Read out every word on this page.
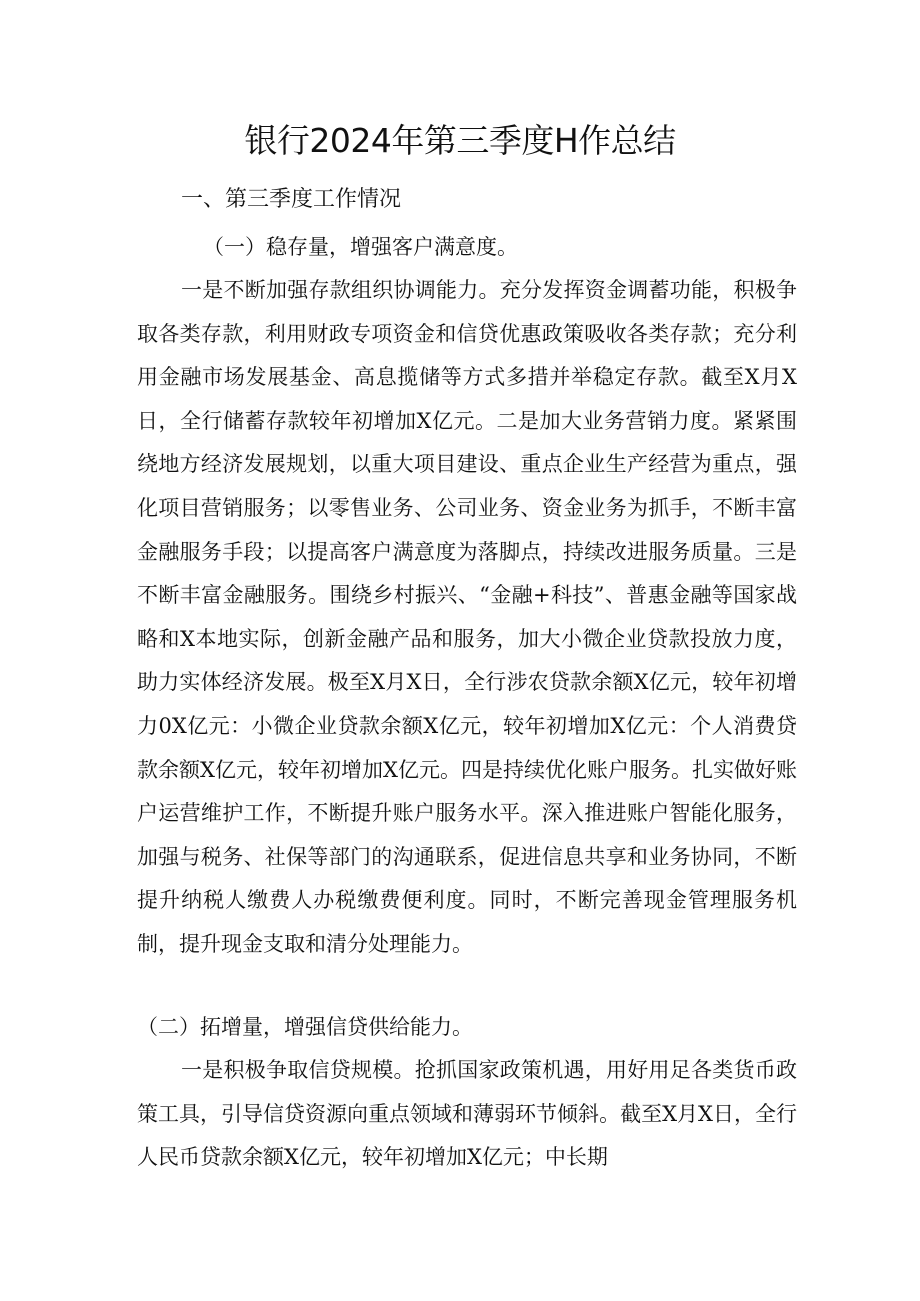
银行2024年第三季度H作总结
一、第三季度工作情况

（一）稳存量，增强客户满意度。

一是不断加强存款组织协调能力。充分发挥资金调蓄功能，积极争取各类存款，利用财政专项资金和信贷优惠政策吸收各类存款；充分利用金融市场发展基金、高息揽储等方式多措并举稳定存款。截至X月X日，全行储蓄存款较年初增加X亿元。二是加大业务营销力度。紧紧围绕地方经济发展规划，以重大项目建设、重点企业生产经营为重点，强化项目营销服务；以零售业务、公司业务、资金业务为抓手，不断丰富金融服务手段；以提高客户满意度为落脚点，持续改进服务质量。三是不断丰富金融服务。围绕乡村振兴、“金融+科技”、普惠金融等国家战略和X本地实际，创新金融产品和服务，加大小微企业贷款投放力度，助力实体经济发展。极至X月X日，全行涉农贷款余额X亿元，较年初增力0X亿元：小微企业贷款余额X亿元，较年初增加X亿元：个人消费贷款余额X亿元，较年初增加X亿元。四是持续优化账户服务。扎实做好账户运营维护工作，不断提升账户服务水平。深入推进账户智能化服务，加强与税务、社保等部门的沟通联系，促进信息共享和业务协同，不断提升纳税人缴费人办税缴费便利度。同时，不断完善现金管理服务机制，提升现金支取和清分处理能力。

（二）拓增量，增强信贷供给能力。

一是积极争取信贷规模。抢抓国家政策机遇，用好用足各类货币政策工具，引导信贷资源向重点领域和薄弱环节倾斜。截至X月X日，全行人民币贷款余额X亿元，较年初增加X亿元；中长期
